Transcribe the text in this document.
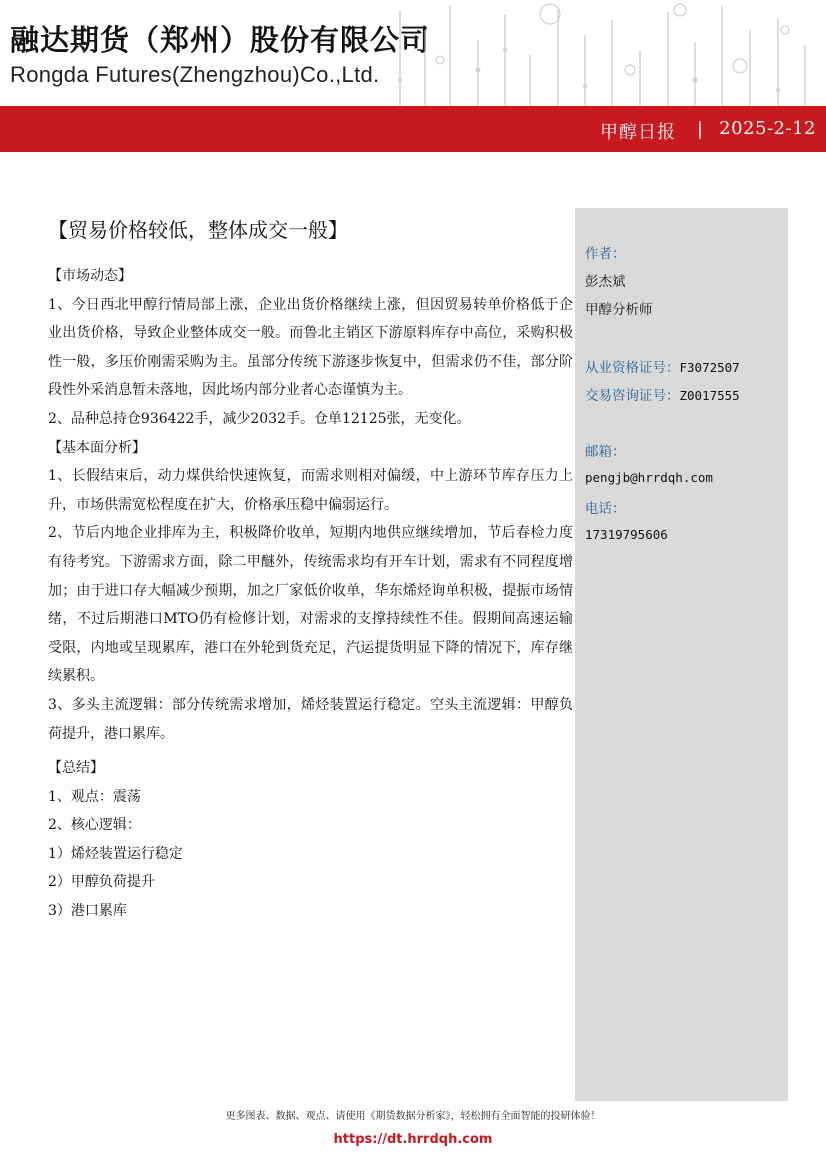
融达期货（郑州）股份有限公司
Rongda Futures(Zhengzhou)Co.,Ltd.
甲醇日报 | 2025-2-12
作者：
彭杰斌
甲醇分析师
从业资格证号：F3072507
交易咨询证号：Z0017555
邮箱：
pengjb@hrrdqh.com
电话：
17319795606
【贸易价格较低，整体成交一般】

【市场动态】

1、今日西北甲醇行情局部上涨，企业出货价格继续上涨，但因贸易转单价格低于企业出货价格，导致企业整体成交一般。而鲁北主销区下游原料库存中高位，采购积极性一般，多压价刚需采购为主。虽部分传统下游逐步恢复中，但需求仍不佳，部分阶段性外采消息暂未落地，因此场内部分业者心态谨慎为主。

2、品种总持仓936422手，减少2032手。仓单12125张，无变化。

【基本面分析】

1、长假结束后，动力煤供给快速恢复，而需求则相对偏缓，中上游环节库存压力上升，市场供需宽松程度在扩大，价格承压稳中偏弱运行。

2、节后内地企业排库为主，积极降价收单，短期内地供应继续增加，节后春检力度有待考究。下游需求方面，除二甲醚外，传统需求均有开车计划，需求有不同程度增加；由于进口存大幅减少预期，加之厂家低价收单，华东烯烃询单积极，提振市场情绪，不过后期港口MTO仍有检修计划，对需求的支撑持续性不佳。假期间高速运输受限，内地或呈现累库，港口在外轮到货充足，汽运提货明显下降的情况下，库存继续累积。

3、多头主流逻辑：部分传统需求增加，烯烃装置运行稳定。空头主流逻辑：甲醇负荷提升，港口累库。

【总结】

1、观点：震荡

2、核心逻辑：

1）烯烃装置运行稳定

2）甲醇负荷提升

3）港口累库

更多图表、数据、观点、请使用《期货数据分析家》，轻松拥有全面智能的投研体验！
https://dt.hrrdqh.com
